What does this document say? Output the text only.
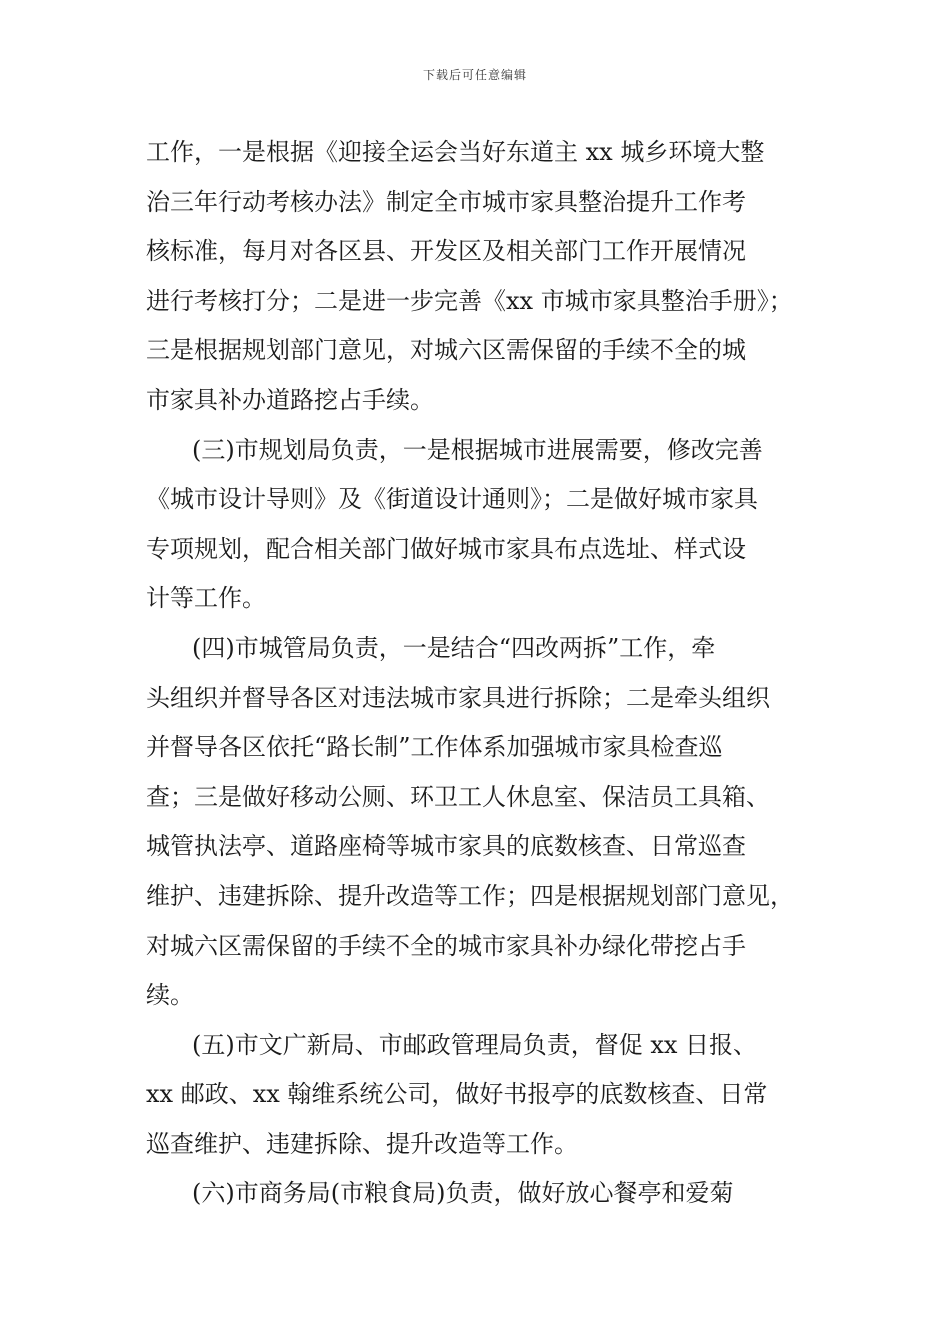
下载后可任意编辑
工作，一是根据《迎接全运会当好东道主 xx 城乡环境大整
治三年行动考核办法》制定全市城市家具整治提升工作考
核标准，每月对各区县、开发区及相关部门工作开展情况
进行考核打分；二是进一步完善《xx 市城市家具整治手册》；
三是根据规划部门意见，对城六区需保留的手续不全的城
市家具补办道路挖占手续。
(三)市规划局负责，一是根据城市进展需要，修改完善
《城市设计导则》及《街道设计通则》；二是做好城市家具
专项规划，配合相关部门做好城市家具布点选址、样式设
计等工作。
(四)市城管局负责，一是结合“四改两拆”工作，牵
头组织并督导各区对违法城市家具进行拆除；二是牵头组织
并督导各区依托“路长制”工作体系加强城市家具检查巡
查；三是做好移动公厕、环卫工人休息室、保洁员工具箱、
城管执法亭、道路座椅等城市家具的底数核查、日常巡查
维护、违建拆除、提升改造等工作；四是根据规划部门意见，
对城六区需保留的手续不全的城市家具补办绿化带挖占手
续。
(五)市文广新局、市邮政管理局负责，督促 xx 日报、
xx 邮政、xx 翰维系统公司，做好书报亭的底数核查、日常
巡查维护、违建拆除、提升改造等工作。
(六)市商务局(市粮食局)负责，做好放心餐亭和爱菊
